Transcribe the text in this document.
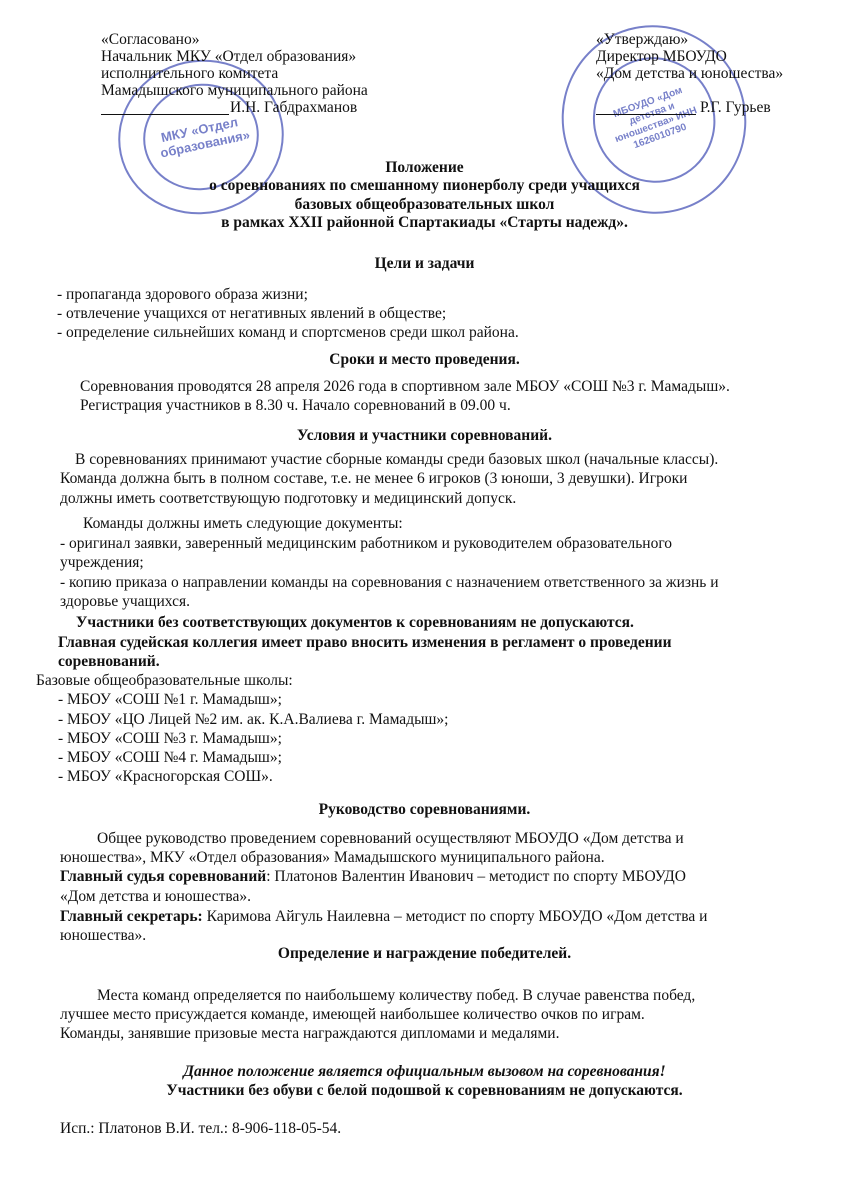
МКУ «Отдел образования»
МБОУДО «Дом детства и юношества» ИНН 1626010790
«Согласовано»
Начальник МКУ «Отдел образования»
исполнительного комитета
Мамадышского муниципального района
И.Н. Габдрахманов
«Утверждаю»
Директор МБОУДО
«Дом детства и юношества»
Р.Г. Гурьев
Положение
о соревнованиях по смешанному пионерболу среди учащихся
базовых общеобразовательных школ
в рамках XXII районной Спартакиады «Старты надежд».
Цели и задачи
- пропаганда здорового образа жизни;
- отвлечение учащихся от негативных явлений в обществе;
- определение сильнейших команд и спортсменов среди школ района.
Сроки и место проведения.
Соревнования проводятся 28 апреля 2026 года в спортивном зале МБОУ «СОШ №3 г. Мамадыш».
Регистрация участников в 8.30 ч. Начало соревнований в 09.00 ч.
Условия и участники соревнований.
В соревнованиях принимают участие сборные команды среди базовых школ (начальные классы).
Команда должна быть в полном составе, т.е. не менее 6 игроков (3 юноши, 3 девушки). Игроки
должны иметь соответствующую подготовку и медицинский допуск.
Команды должны иметь следующие документы:
- оригинал заявки, заверенный медицинским работником и руководителем образовательного
учреждения;
- копию приказа о направлении команды на соревнования с назначением ответственного за жизнь и
здоровье учащихся.
Участники без соответствующих документов к соревнованиям не допускаются.
Главная судейская коллегия имеет право вносить изменения в регламент о проведении
соревнований.
Базовые общеобразовательные школы:
- МБОУ «СОШ №1 г. Мамадыш»;
- МБОУ «ЦО Лицей №2 им. ак. К.А.Валиева г. Мамадыш»;
- МБОУ «СОШ №3 г. Мамадыш»;
- МБОУ «СОШ №4 г. Мамадыш»;
- МБОУ «Красногорская СОШ».
Руководство соревнованиями.
Общее руководство проведением соревнований осуществляют МБОУДО «Дом детства и
юношества», МКУ «Отдел образования» Мамадышского муниципального района.
Главный судья соревнований: Платонов Валентин Иванович – методист по спорту МБОУДО
«Дом детства и юношества».
Главный секретарь: Каримова Айгуль Наилевна – методист по спорту МБОУДО «Дом детства и
юношества».
Определение и награждение победителей.
Места команд определяется по наибольшему количеству побед. В случае равенства побед,
лучшее место присуждается команде, имеющей наибольшее количество очков по играм.
Команды, занявшие призовые места награждаются дипломами и медалями.
Данное положение является официальным вызовом на соревнования!
Участники без обуви с белой подошвой к соревнованиям не допускаются.
Исп.: Платонов В.И. тел.: 8-906-118-05-54.
